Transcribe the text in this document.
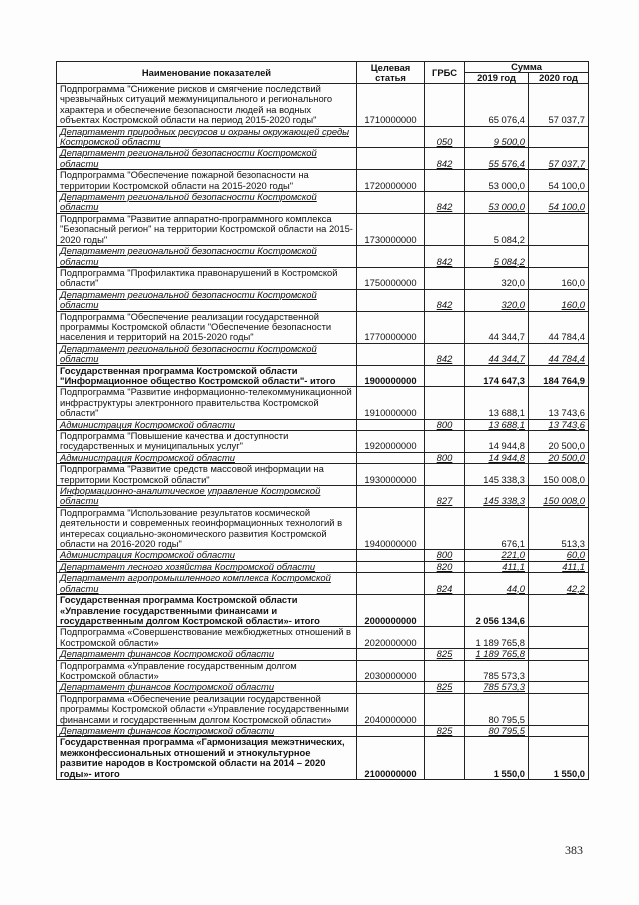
Наименование показателей	Целевая статья	ГРБС	Сумма	
			2019 год	2020 год
Подпрограмма "Снижение рисков и смягчение последствий чрезвычайных ситуаций межмуниципального и регионального характера и обеспечение безопасности людей на водных объектах Костромской области на период 2015-2020 годы"	1710000000		65 076,4	57 037,7
Департамент природных ресурсов и охраны окружающей среды Костромской области		050	9 500,0	
Департамент региональной безопасности Костромской области		842	55 576,4	57 037,7
Подпрограмма "Обеспечение пожарной безопасности на территории Костромской области на 2015-2020 годы"	1720000000		53 000,0	54 100,0
Департамент региональной безопасности Костромской области		842	53 000,0	54 100,0
Подпрограмма "Развитие аппаратно-программного комплекса "Безопасный регион" на территории Костромской области на 2015-2020 годы"	1730000000		5 084,2	
Департамент региональной безопасности Костромской области		842	5 084,2	
Подпрограмма "Профилактика правонарушений в Костромской области"	1750000000		320,0	160,0
Департамент региональной безопасности Костромской области		842	320,0	160,0
Подпрограмма "Обеспечение реализации государственной программы Костромской области "Обеспечение безопасности населения и территорий на 2015-2020 годы"	1770000000		44 344,7	44 784,4
Департамент региональной безопасности Костромской области		842	44 344,7	44 784,4
Государственная программа Костромской области "Информационное общество Костромской области"- итого	1900000000		174 647,3	184 764,9
Подпрограмма "Развитие информационно-телекоммуникационной инфраструктуры электронного правительства Костромской области"	1910000000		13 688,1	13 743,6
Администрация Костромской области		800	13 688,1	13 743,6
Подпрограмма "Повышение качества и доступности государственных и муниципальных услуг"	1920000000		14 944,8	20 500,0
Администрация Костромской области		800	14 944,8	20 500,0
Подпрограмма "Развитие средств массовой информации на территории Костромской области"	1930000000		145 338,3	150 008,0
Информационно-аналитическое управление Костромской области		827	145 338,3	150 008,0
Подпрограмма "Использование результатов космической деятельности и современных геоинформационных технологий в интересах социально-экономического развития Костромской области на 2016-2020 годы"	1940000000		676,1	513,3
Администрация Костромской области		800	221,0	60,0
Департамент лесного хозяйства Костромской области		820	411,1	411,1
Департамент агропромышленного комплекса Костромской области		824	44,0	42,2
Государственная программа Костромской области «Управление государственными финансами и государственным долгом Костромской области»- итого	2000000000		2 056 134,6	
Подпрограмма «Совершенствование межбюджетных отношений в Костромской области»	2020000000		1 189 765,8	
Департамент финансов Костромской области		825	1 189 765,8	
Подпрограмма «Управление государственным долгом Костромской области»	2030000000		785 573,3	
Департамент финансов Костромской области		825	785 573,3	
Подпрограмма «Обеспечение реализации государственной программы Костромской области «Управление государственными финансами и государственным долгом Костромской области»	2040000000		80 795,5	
Департамент финансов Костромской области		825	80 795,5	
Государственная программа «Гармонизация межэтнических, межконфессиональных отношений и этнокультурное развитие народов в Костромской области на 2014 – 2020 годы»- итого	2100000000		1 550,0	1 550,0
383
